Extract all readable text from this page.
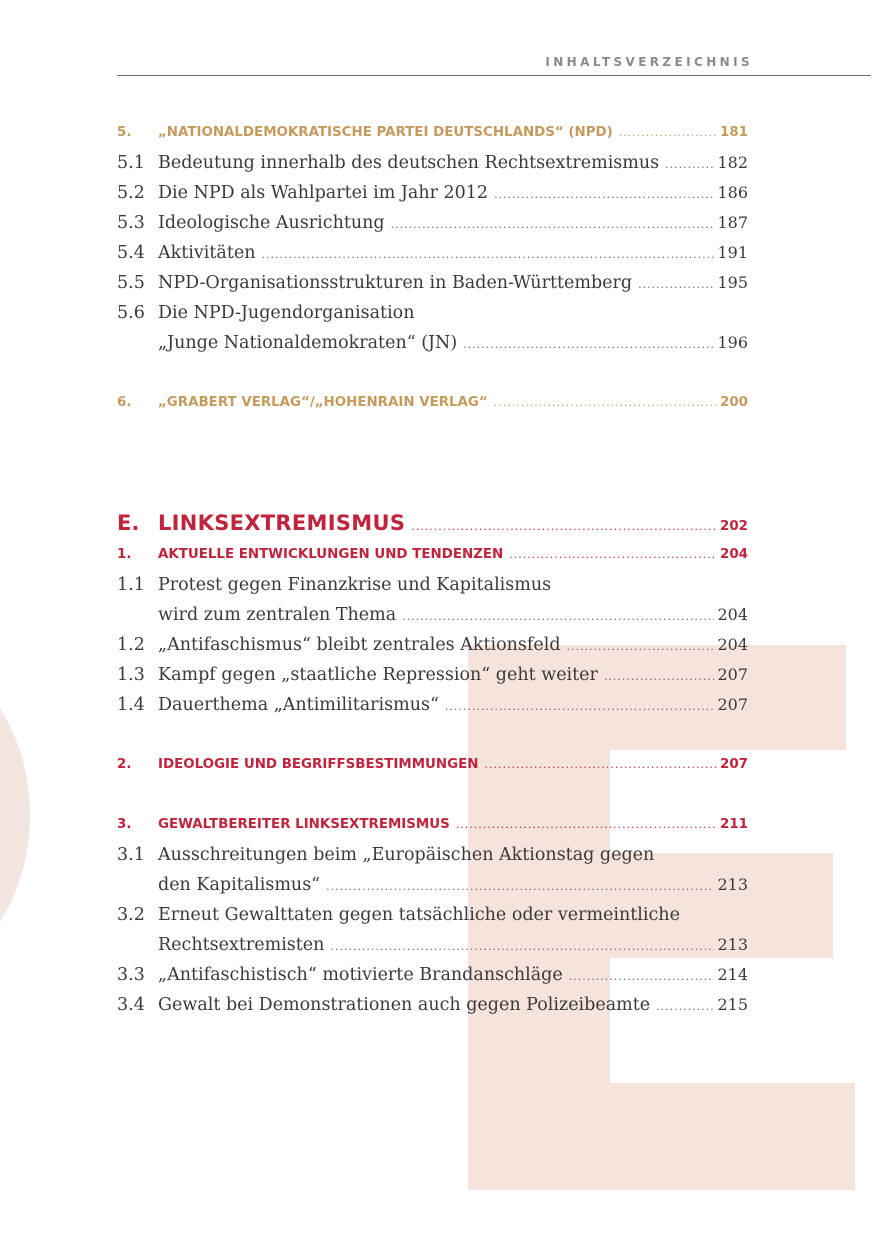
INHALTSVERZEICHNIS
5.	„NATIONALDEMOKRATISCHE PARTEI DEUTSCHLANDS“ (NPD) .....	181
5.1 Bedeutung innerhalb des deutschen Rechtsextremismus .....	182
5.2 Die NPD als Wahlpartei im Jahr 2012 .....	186
5.3 Ideologische Ausrichtung .....	187
5.4 Aktivitäten .....	191
5.5 NPD-Organisationsstrukturen in Baden-Württemberg .....	195
5.6 Die NPD-Jugendorganisation
„Junge Nationaldemokraten“ (JN) .....	196
6.	„GRABERT VERLAG“/„HOHENRAIN VERLAG“ .....	200
E. LINKSEXTREMISMUS .....	202
1.	AKTUELLE ENTWICKLUNGEN UND TENDENZEN .....	204
1.1 Protest gegen Finanzkrise und Kapitalismus
wird zum zentralen Thema .....	204
1.2 „Antifaschismus“ bleibt zentrales Aktionsfeld .....	204
1.3 Kampf gegen „staatliche Repression“ geht weiter .....	207
1.4 Dauerthema „Antimilitarismus“ .....	207
2.	IDEOLOGIE UND BEGRIFFSBESTIMMUNGEN .....	207
3.	GEWALTBEREITER LINKSEXTREMISMUS .....	211
3.1 Ausschreitungen beim „Europäischen Aktionstag gegen
den Kapitalismus“ .....	213
3.2 Erneut Gewalttaten gegen tatsächliche oder vermeintliche
Rechtsextremisten .....	213
3.3 „Antifaschistisch“ motivierte Brandanschläge .....	214
3.4 Gewalt bei Demonstrationen auch gegen Polizeibeamte .....	215
